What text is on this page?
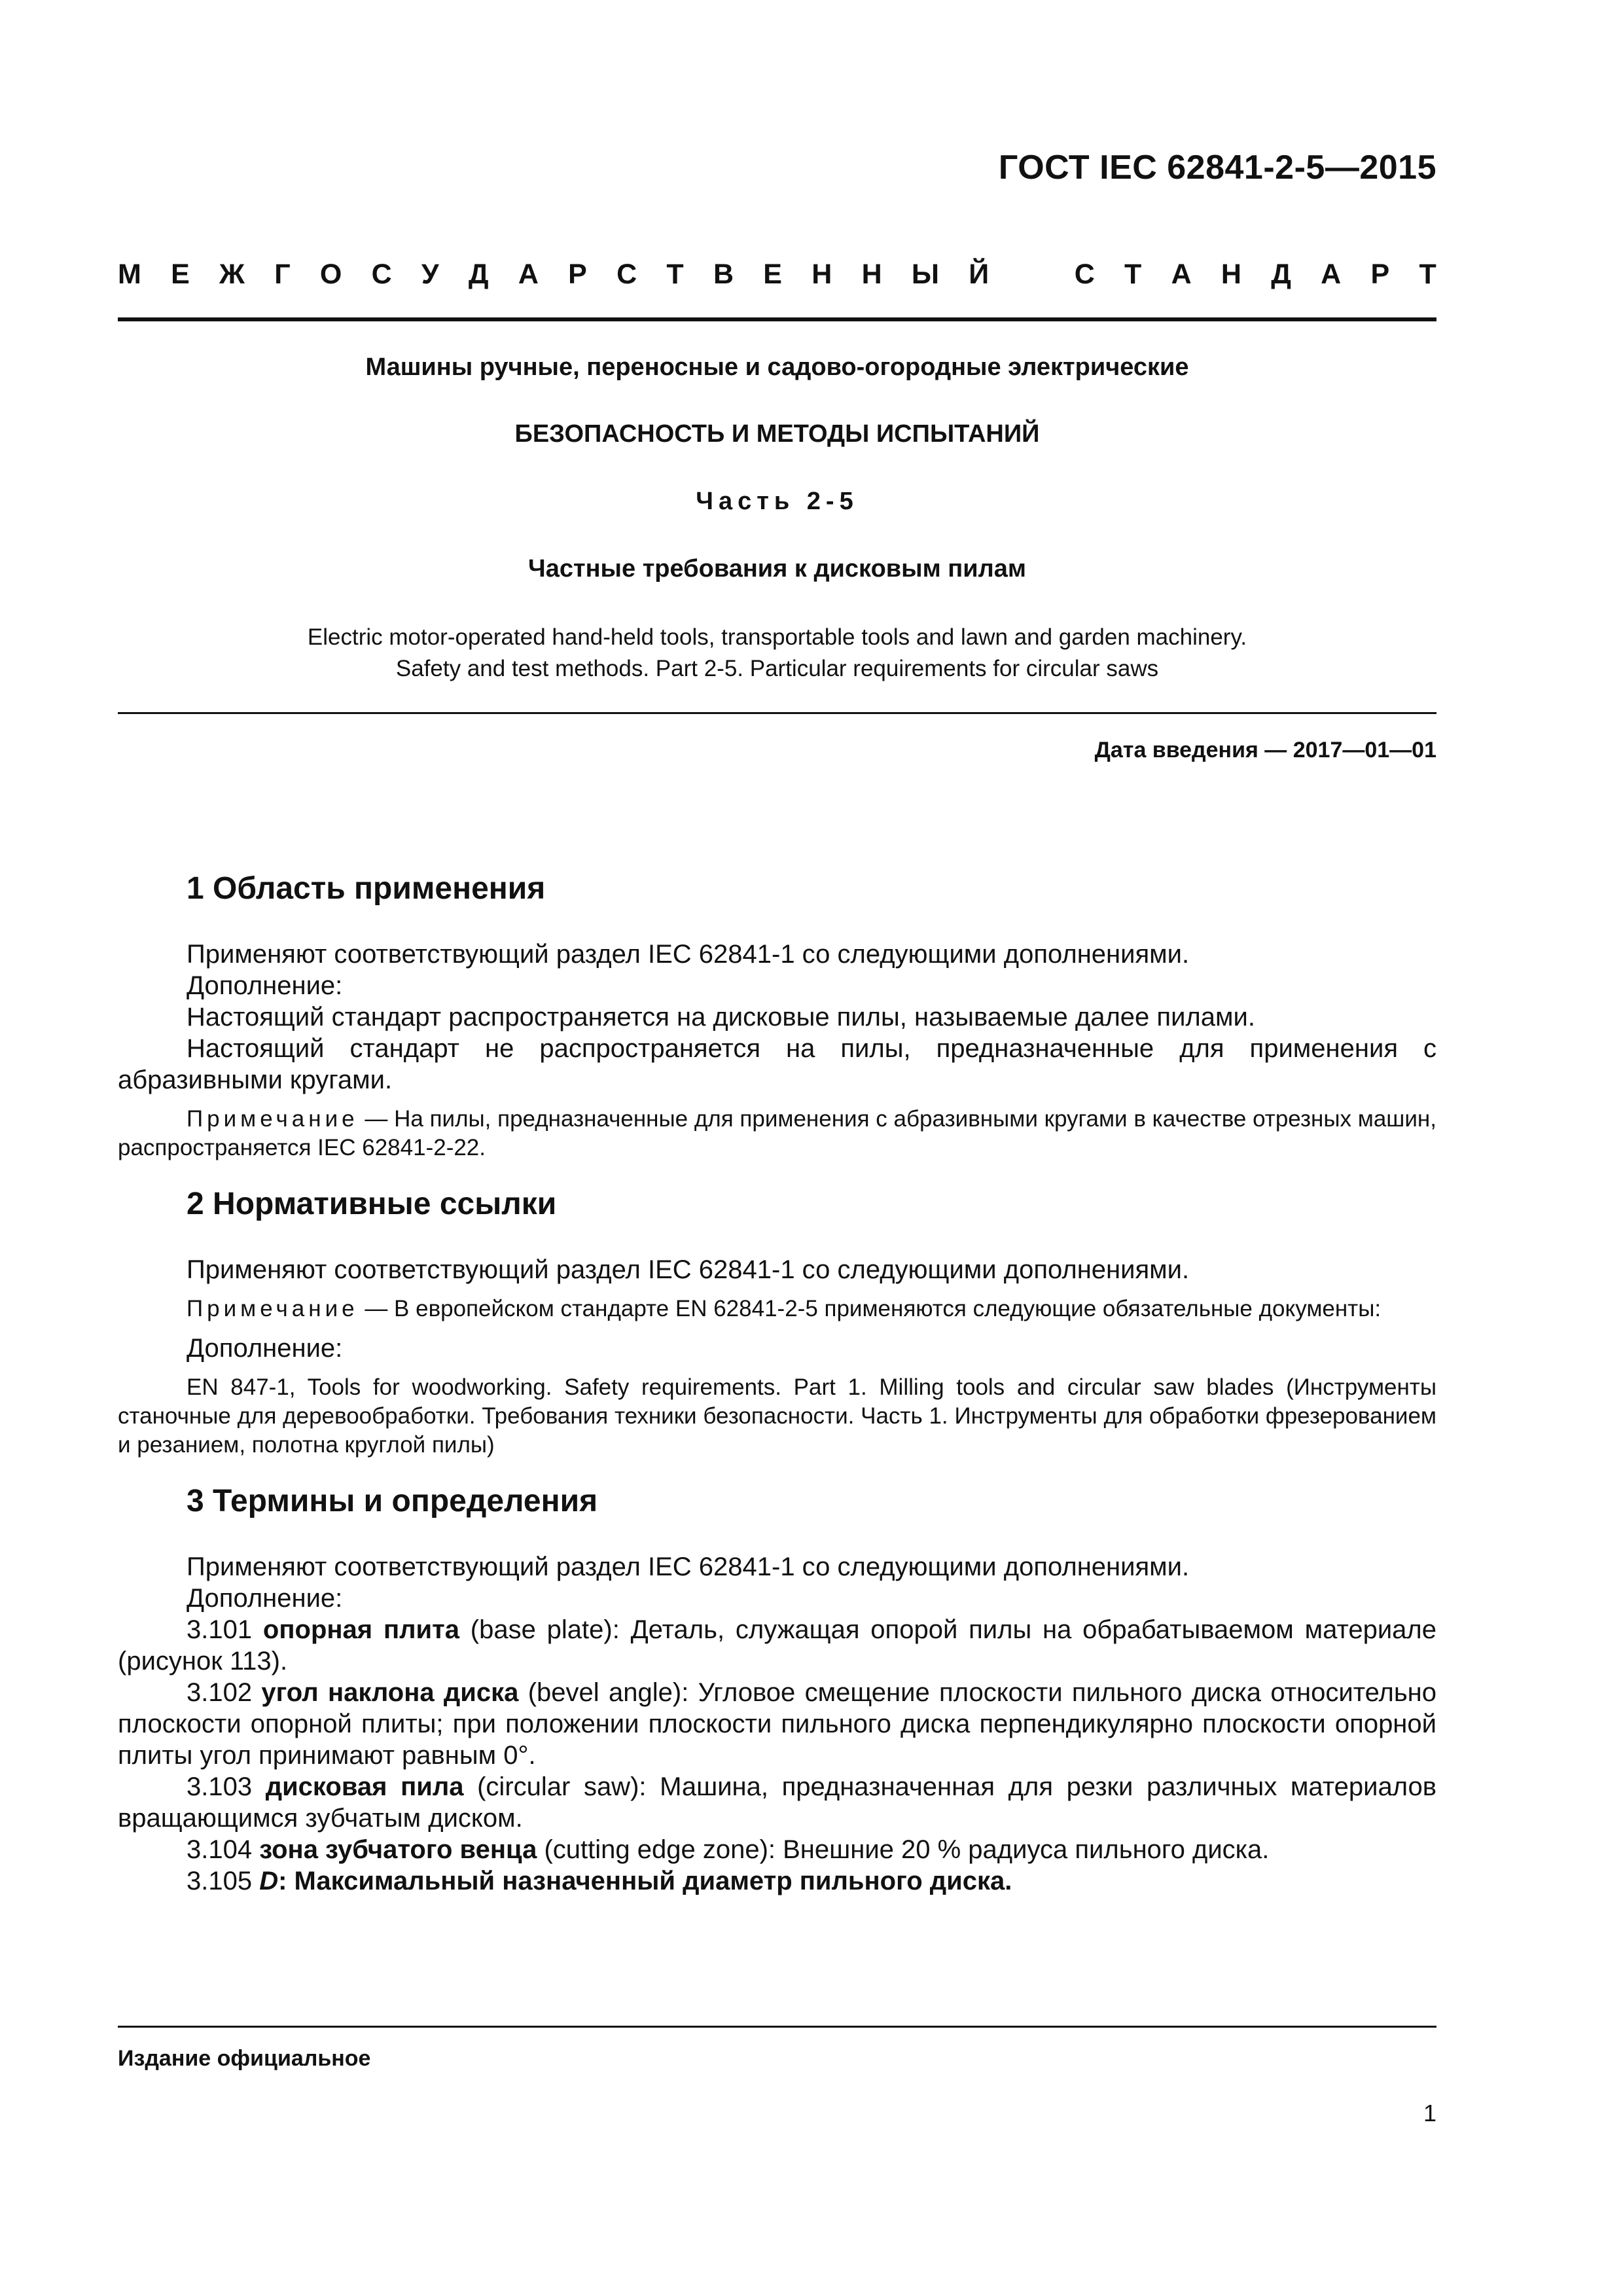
ГОСТ IEC 62841-2-5—2015
М Е Ж Г О С У Д А Р С Т В Е Н Н Ы Й	С Т А Н Д А Р Т
Машины ручные, переносные и садово-огородные электрические
БЕЗОПАСНОСТЬ И МЕТОДЫ ИСПЫТАНИЙ
Часть 2-5
Частные требования к дисковым пилам
Electric motor-operated hand-held tools, transportable tools and lawn and garden machinery.
Safety and test methods. Part 2-5. Particular requirements for circular saws
Дата введения — 2017—01—01
1 Область применения

Применяют соответствующий раздел IEC 62841-1 со следующими дополнениями.

Дополнение:

Настоящий стандарт распространяется на дисковые пилы, называемые далее пилами.

Настоящий стандарт не распространяется на пилы, предназначенные для применения с абразивными кругами.

Примечание — На пилы, предназначенные для применения с абразивными кругами в качестве отрезных машин, распространяется IEC 62841-2-22.

2 Нормативные ссылки

Применяют соответствующий раздел IEC 62841-1 со следующими дополнениями.

Примечание — В европейском стандарте EN 62841-2-5 применяются следующие обязательные документы:

Дополнение:

EN 847-1, Tools for woodworking. Safety requirements. Part 1. Milling tools and circular saw blades (Инструменты станочные для деревообработки. Требования техники безопасности. Часть 1. Инструменты для обработки фрезерованием и резанием, полотна круглой пилы)

3 Термины и определения

Применяют соответствующий раздел IEC 62841-1 со следующими дополнениями.

Дополнение:

3.101 опорная плита (base plate): Деталь, служащая опорой пилы на обрабатываемом материале (рисунок 113).

3.102 угол наклона диска (bevel angle): Угловое смещение плоскости пильного диска относительно плоскости опорной плиты; при положении плоскости пильного диска перпендикулярно плоскости опорной плиты угол принимают равным 0°.

3.103 дисковая пила (circular saw): Машина, предназначенная для резки различных материалов вращающимся зубчатым диском.

3.104 зона зубчатого венца (cutting edge zone): Внешние 20 % радиуса пильного диска.

3.105 D: Максимальный назначенный диаметр пильного диска.

Издание официальное
1
